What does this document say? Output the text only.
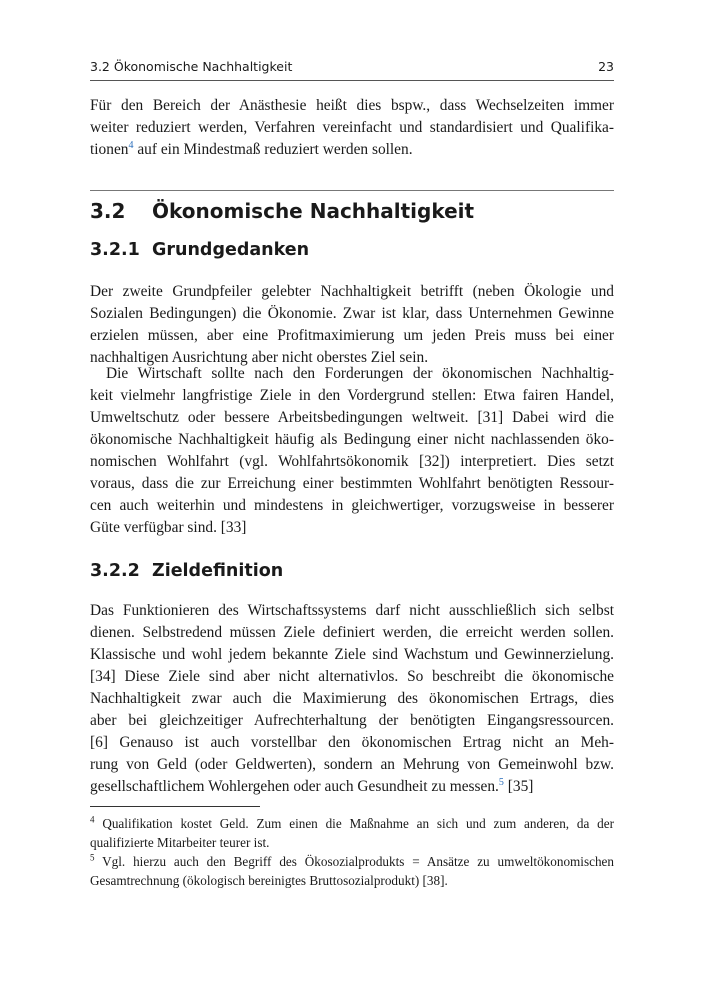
3.2 Ökonomische Nachhaltigkeit	23

Für den Bereich der Anästhesie heißt dies bspw., dass Wechselzeiten immer
weiter reduziert werden, Verfahren vereinfacht und standardisiert und Qualifika-
tionen$^4$ auf ein Mindestmaß reduziert werden sollen.

3.2 Ökonomische Nachhaltigkeit
3.2.1 Grundgedanken

Der zweite Grundpfeiler gelebter Nachhaltigkeit betrifft (neben Ökologie und
Sozialen Bedingungen) die Ökonomie. Zwar ist klar, dass Unternehmen Gewinne
erzielen müssen, aber eine Profitmaximierung um jeden Preis muss bei einer
nachhaltigen Ausrichtung aber nicht oberstes Ziel sein.

Die Wirtschaft sollte nach den Forderungen der ökonomischen Nachhaltig-
keit vielmehr langfristige Ziele in den Vordergrund stellen: Etwa fairen Handel,
Umweltschutz oder bessere Arbeitsbedingungen weltweit. [31] Dabei wird die
ökonomische Nachhaltigkeit häufig als Bedingung einer nicht nachlassenden öko-
nomischen Wohlfahrt (vgl. Wohlfahrtsökonomik [32]) interpretiert. Dies setzt
voraus, dass die zur Erreichung einer bestimmten Wohlfahrt benötigten Ressour-
cen auch weiterhin und mindestens in gleichwertiger, vorzugsweise in besserer
Güte verfügbar sind. [33]

3.2.2 Zieldefinition

Das Funktionieren des Wirtschaftssystems darf nicht ausschließlich sich selbst
dienen. Selbstredend müssen Ziele definiert werden, die erreicht werden sollen.
Klassische und wohl jedem bekannte Ziele sind Wachstum und Gewinnerzielung.
[34] Diese Ziele sind aber nicht alternativlos. So beschreibt die ökonomische
Nachhaltigkeit zwar auch die Maximierung des ökonomischen Ertrags, dies
aber bei gleichzeitiger Aufrechterhaltung der benötigten Eingangsressourcen.
[6] Genauso ist auch vorstellbar den ökonomischen Ertrag nicht an Meh-
rung von Geld (oder Geldwerten), sondern an Mehrung von Gemeinwohl bzw.
gesellschaftlichem Wohlergehen oder auch Gesundheit zu messen.$^5$ [35]

$^4$ Qualifikation kostet Geld. Zum einen die Maßnahme an sich und zum anderen, da der
qualifizierte Mitarbeiter teurer ist.

$^5$ Vgl. hierzu auch den Begriff des Ökosozialprodukts = Ansätze zu umweltökonomischen
Gesamtrechnung (ökologisch bereinigtes Bruttosozialprodukt) [38].
